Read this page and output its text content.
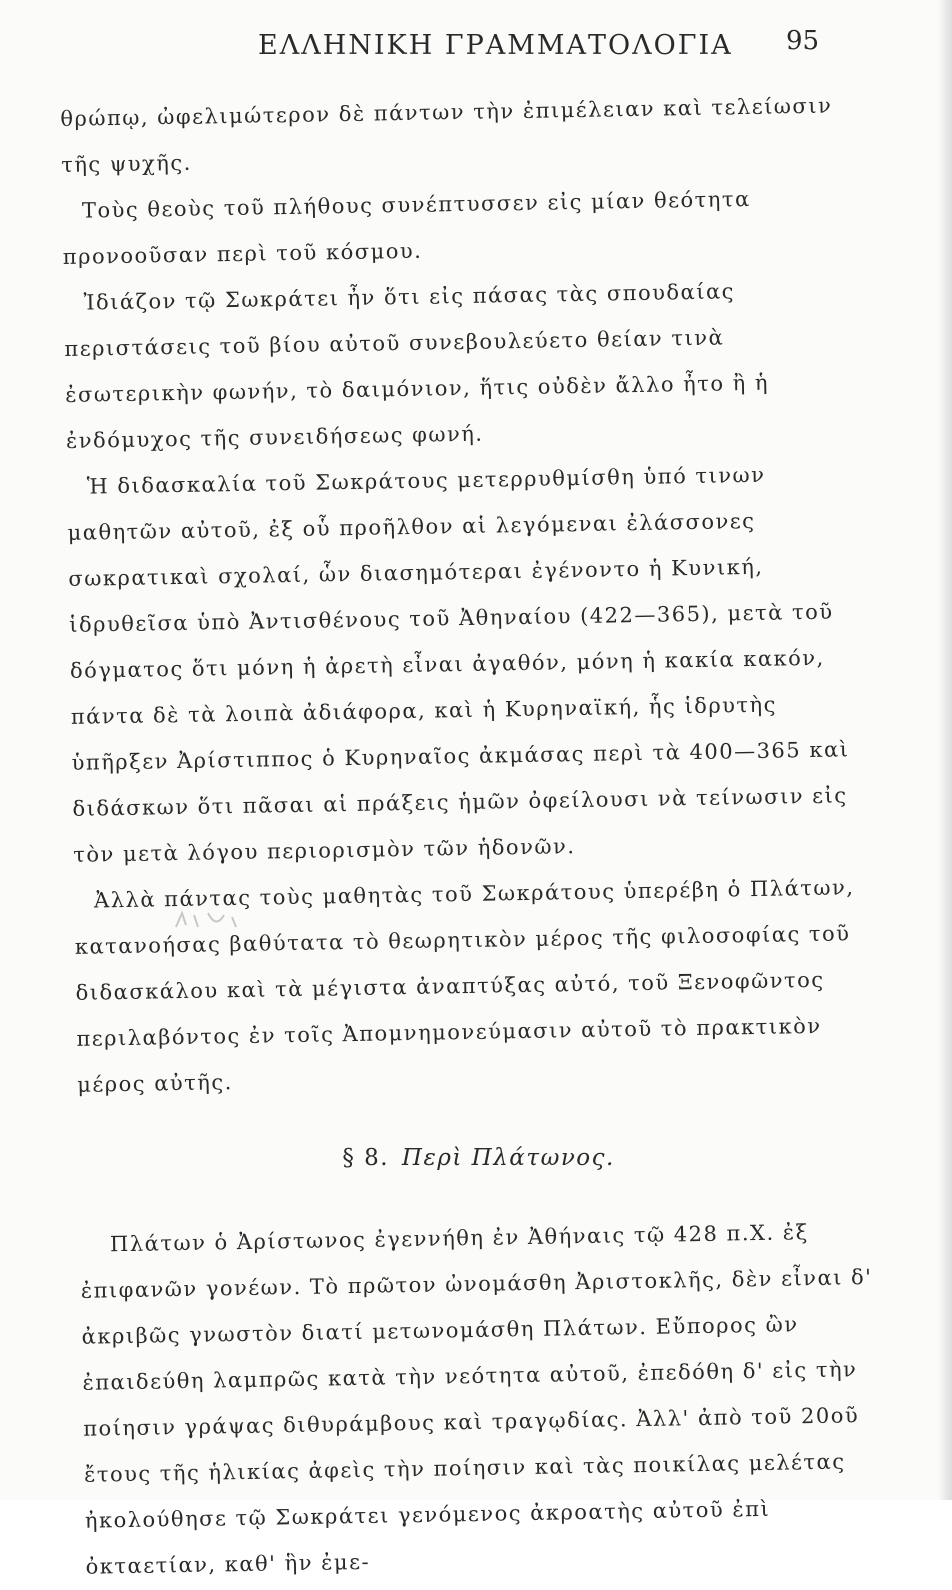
ΕΛΛΗΝΙΚΗ ΓΡΑΜΜΑΤΟΛΟΓΙΑ 95

θρώπῳ, ὠφελιμώτερον δὲ πάντων τὴν ἐπιμέλειαν καὶ τελείωσιν τῆς ψυχῆς.

Τοὺς θεοὺς τοῦ πλήθους συνέπτυσσεν εἰς μίαν θεότητα προνοοῦσαν περὶ τοῦ κόσμου.

Ἰδιάζον τῷ Σωκράτει ἦν ὅτι εἰς πάσας τὰς σπουδαίας περιστάσεις τοῦ βίου αὐτοῦ συνεβουλεύετο θείαν τινὰ ἐσωτερικὴν φωνήν, τὸ δαιμόνιον, ἥτις οὐδὲν ἄλλο ἦτο ἢ ἡ ἐνδόμυχος τῆς συνειδήσεως φωνή.

Ἡ διδασκαλία τοῦ Σωκράτους μετερρυθμίσθη ὑπό τινων μαθητῶν αὐτοῦ, ἐξ οὗ προῆλθον αἱ λεγόμεναι ἐλάσσονες σωκρατικαὶ σχολαί, ὧν διασημότεραι ἐγένοντο ἡ Κυνική, ἱδρυθεῖσα ὑπὸ Ἀντισθένους τοῦ Ἀθηναίου (422—365), μετὰ τοῦ δόγματος ὅτι μόνη ἡ ἀρετὴ εἶναι ἀγαθόν, μόνη ἡ κακία κακόν, πάντα δὲ τὰ λοιπὰ ἀδιάφορα, καὶ ἡ Κυρηναϊκή, ἧς ἱδρυτὴς ὑπῆρξεν Ἀρίστιππος ὁ Κυρηναῖος ἀκμάσας περὶ τὰ 400—365 καὶ διδάσκων ὅτι πᾶσαι αἱ πράξεις ἡμῶν ὀφείλουσι νὰ τείνωσιν εἰς τὸν μετὰ λόγου περιορισμὸν τῶν ἡδονῶν.

Ἀλλὰ πάντας τοὺς μαθητὰς τοῦ Σωκράτους ὑπερέβη ὁ Πλάτων, κατανοήσας βαθύτατα τὸ θεωρητικὸν μέρος τῆς φιλοσοφίας τοῦ διδασκάλου καὶ τὰ μέγιστα ἀναπτύξας αὐτό, τοῦ Ξενοφῶντος περιλαβόντος ἐν τοῖς Ἀπομνημονεύμασιν αὐτοῦ τὸ πρακτικὸν μέρος αὐτῆς.

§ 8. Περὶ Πλάτωνος.

Πλάτων ὁ Ἀρίστωνος ἐγεννήθη ἐν Ἀθήναις τῷ 428 π.Χ. ἐξ ἐπιφανῶν γονέων. Τὸ πρῶτον ὠνομάσθη Ἀριστοκλῆς, δὲν εἶναι δ' ἀκριβῶς γνωστὸν διατί μετωνομάσθη Πλάτων. Εὔπορος ὢν ἐπαιδεύθη λαμπρῶς κατὰ τὴν νεότητα αὐτοῦ, ἐπεδόθη δ' εἰς τὴν ποίησιν γράψας διθυράμβους καὶ τραγῳδίας. Ἀλλ' ἀπὸ τοῦ 20οῦ ἔτους τῆς ἡλικίας ἀφεὶς τὴν ποίησιν καὶ τὰς ποικίλας μελέτας ἠκολούθησε τῷ Σωκράτει γενόμενος ἀκροατὴς αὐτοῦ ἐπὶ ὀκταετίαν, καθ' ἣν ἐμε-
